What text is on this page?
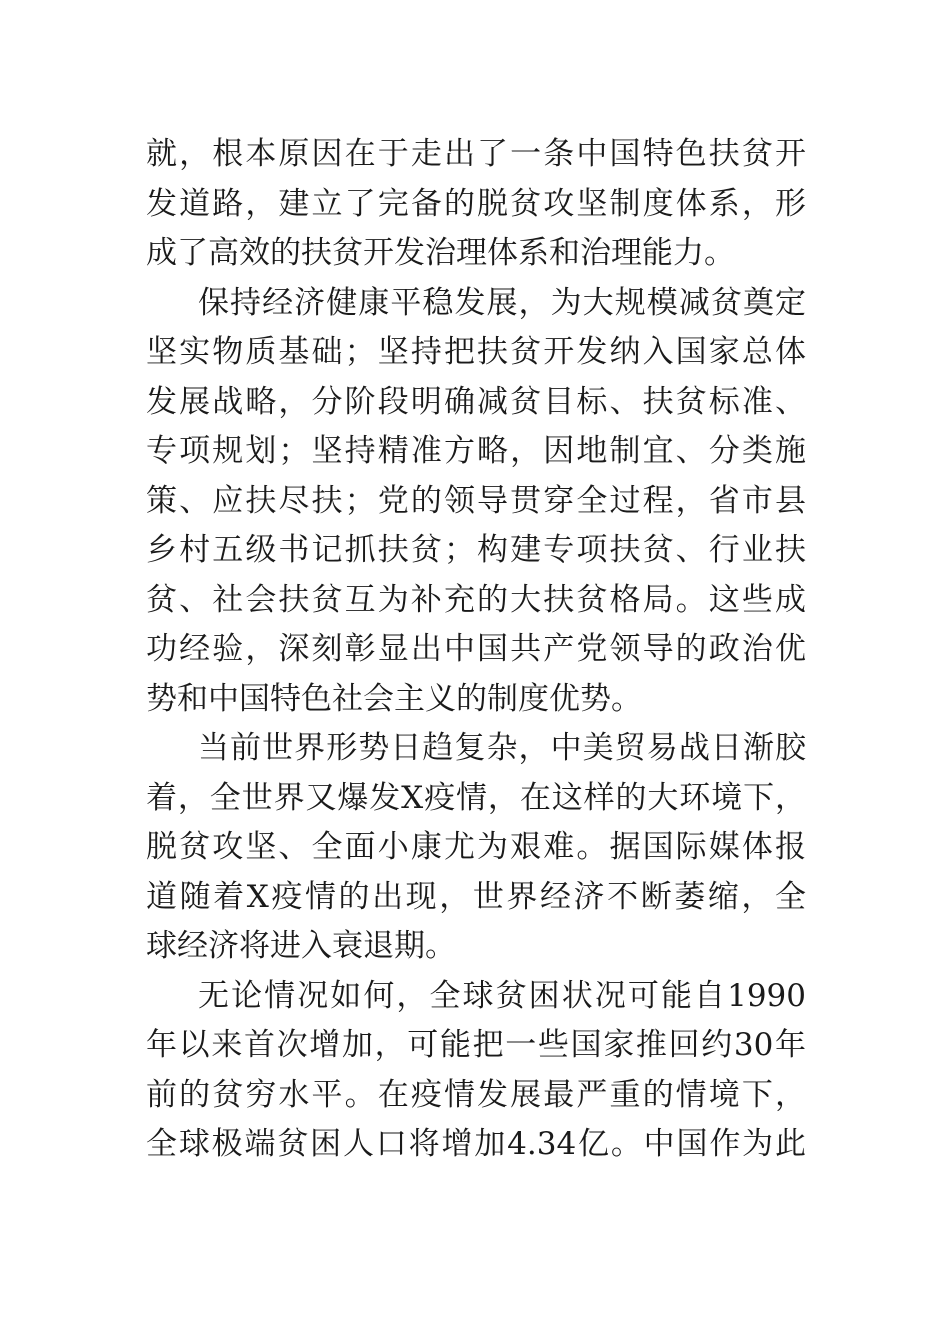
就，根本原因在于走出了一条中国特色扶贫开
发道路，建立了完备的脱贫攻坚制度体系，形
成了高效的扶贫开发治理体系和治理能力。
保持经济健康平稳发展，为大规模减贫奠定
坚实物质基础；坚持把扶贫开发纳入国家总体
发展战略，分阶段明确减贫目标、扶贫标准、
专项规划；坚持精准方略，因地制宜、分类施
策、应扶尽扶；党的领导贯穿全过程，省市县
乡村五级书记抓扶贫；构建专项扶贫、行业扶
贫、社会扶贫互为补充的大扶贫格局。这些成
功经验，深刻彰显出中国共产党领导的政治优
势和中国特色社会主义的制度优势。
当前世界形势日趋复杂，中美贸易战日渐胶
着，全世界又爆发X疫情，在这样的大环境下，
脱贫攻坚、全面小康尤为艰难。据国际媒体报
道随着X疫情的出现，世界经济不断萎缩，全
球经济将进入衰退期。
无论情况如何，全球贫困状况可能自1990
年以来首次增加，可能把一些国家推回约30年
前的贫穷水平。在疫情发展最严重的情境下，
全球极端贫困人口将增加4.34亿。中国作为此
